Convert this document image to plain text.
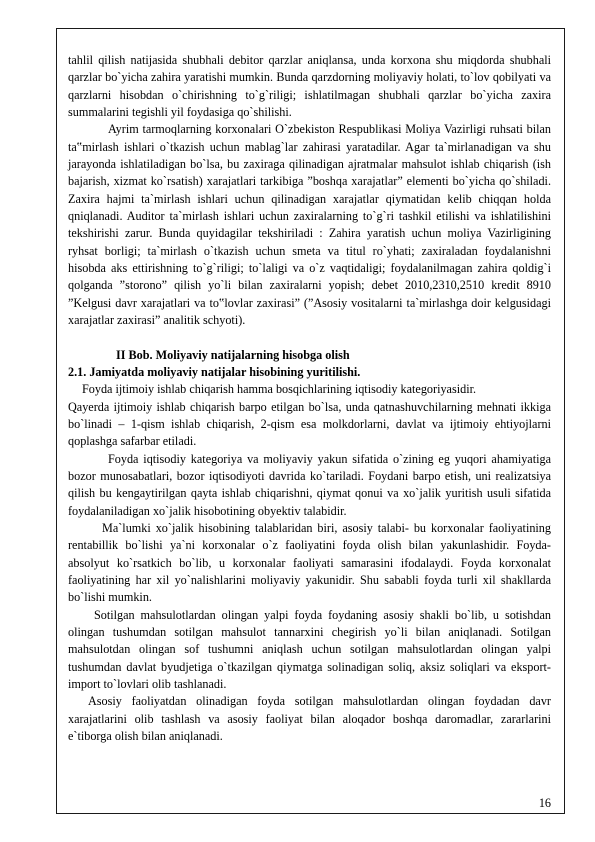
tahlil qilish natijasida shubhali debitor qarzlar aniqlansa, unda korxona shu miqdorda shubhali qarzlar bo`yicha zahira yaratishi mumkin. Bunda qarzdorning moliyaviy holati, to`lov qobilyati va qarzlarni hisobdan o`chirishning to`g`riligi; ishlatilmagan shubhali qarzlar bo`yicha zaxira summalarini tegishli yil foydasiga qo`shilishi.

Ayrim tarmoqlarning korxonalari O`zbekiston Respublikasi Moliya Vazirligi ruhsati bilan ta‟mirlash ishlari o`tkazish uchun mablag`lar zahirasi yaratadilar. Agar ta`mirlanadigan va shu jarayonda ishlatiladigan bo`lsa, bu zaxiraga qilinadigan ajratmalar mahsulot ishlab chiqarish (ish bajarish, xizmat ko`rsatish) xarajatlari tarkibiga ”boshqa xarajatlar” elementi bo`yicha qo`shiladi. Zaxira hajmi ta`mirlash ishlari uchun qilinadigan xarajatlar qiymatidan kelib chiqqan holda qniqlanadi. Auditor ta`mirlash ishlari uchun zaxiralarning to`g`ri tashkil etilishi va ishlatilishini tekshirishi zarur. Bunda quyidagilar tekshiriladi : Zahira yaratish uchun moliya Vazirligining ryhsat borligi; ta`mirlash o`tkazish uchun smeta va titul ro`yhati; zaxiraladan foydalanishni hisobda aks ettirishning to`g`riligi; to`laligi va o`z vaqtidaligi; foydalanilmagan zahira qoldig`i qolganda ”storono” qilish yo`li bilan zaxiralarni yopish; debet 2010,2310,2510 kredit 8910 ”Kelgusi davr xarajatlari va to‟lovlar zaxirasi” (”Asosiy vositalarni ta`mirlashga doir kelgusidagi xarajatlar zaxirasi” analitik schyoti).

II Bob. Moliyaviy natijalarning hisobga olish

2.1. Jamiyatda moliyaviy natijalar hisobining yuritilishi.

Foyda ijtimoiy ishlab chiqarish hamma bosqichlarining iqtisodiy kategoriyasidir.

Qayerda ijtimoiy ishlab chiqarish barpo etilgan bo`lsa, unda qatnashuvchilarning mehnati ikkiga bo`linadi – 1-qism ishlab chiqarish, 2-qism esa molkdorlarni, davlat va ijtimoiy ehtiyojlarni qoplashga safarbar etiladi.

Foyda iqtisodiy kategoriya va moliyaviy yakun sifatida o`zining eg yuqori ahamiyatiga bozor munosabatlari, bozor iqtisodiyoti davrida ko`tariladi. Foydani barpo etish, uni realizatsiya qilish bu kengaytirilgan qayta ishlab chiqarishni, qiymat qonui va xo`jalik yuritish usuli sifatida foydalaniladigan xo`jalik hisobotining obyektiv talabidir.

Ma`lumki xo`jalik hisobining talablaridan biri, asosiy talabi- bu korxonalar faoliyatining rentabillik bo`lishi ya`ni korxonalar o`z faoliyatini foyda olish bilan yakunlashidir. Foyda- absolyut ko`rsatkich bo`lib, u korxonalar faoliyati samarasini ifodalaydi. Foyda korxonalat faoliyatining har xil yo`nalishlarini moliyaviy yakunidir. Shu sababli foyda turli xil shakllarda bo`lishi mumkin.

Sotilgan mahsulotlardan olingan yalpi foyda foydaning asosiy shakli bo`lib, u sotishdan olingan tushumdan sotilgan mahsulot tannarxini chegirish yo`li bilan aniqlanadi. Sotilgan mahsulotdan olingan sof tushumni aniqlash uchun sotilgan mahsulotlardan olingan yalpi tushumdan davlat byudjetiga o`tkazilgan qiymatga solinadigan soliq, aksiz soliqlari va eksport-import to`lovlari olib tashlanadi.

Asosiy faoliyatdan olinadigan foyda sotilgan mahsulotlardan olingan foydadan davr xarajatlarini olib tashlash va asosiy faoliyat bilan aloqador boshqa daromadlar, zararlarini e`tiborga olish bilan aniqlanadi.

16
